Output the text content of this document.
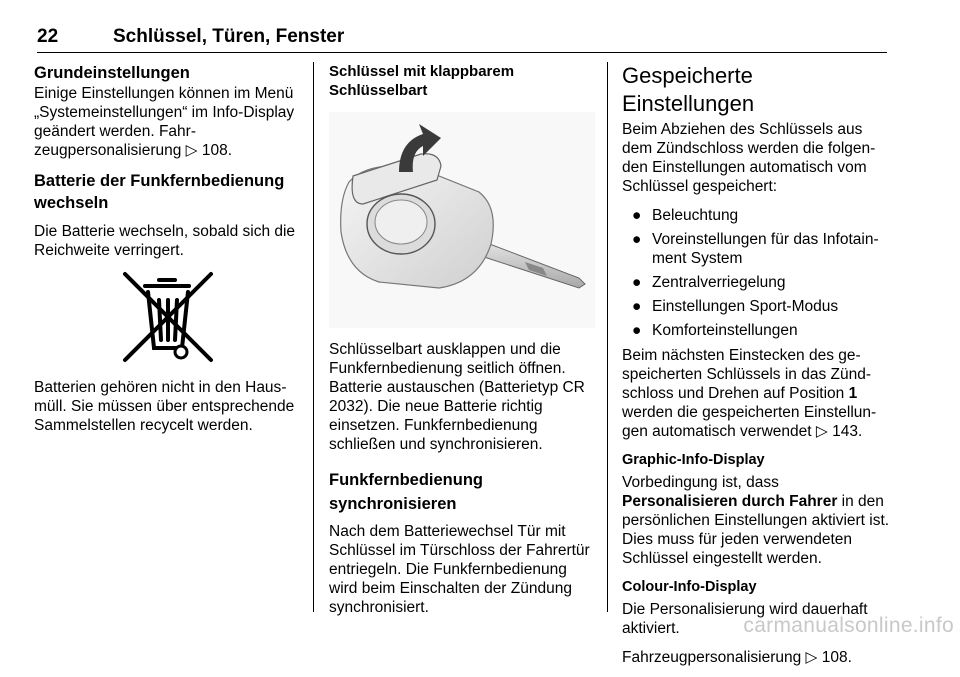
22	Schlüssel, Türen, Fenster
Grundeinstellungen

Einige Einstellungen können im Menü „Systemeinstellungen“ im Info-Display geändert werden. Fahrzeugpersonalisierung ▷ 108.

Batterie der Funkfernbedienung wechseln

Die Batterie wechseln, sobald sich die Reichweite verringert.

Batterien gehören nicht in den Hausmüll. Sie müssen über entsprechende Sammelstellen recycelt werden.

Schlüssel mit klappbarem Schlüsselbart

Schlüsselbart ausklappen und die Funkfernbedienung seitlich öffnen. Batterie austauschen (Batterietyp CR 2032). Die neue Batterie richtig einsetzen. Funkfernbedienung schließen und synchronisieren.

Funkfernbedienung synchronisieren

Nach dem Batteriewechsel Tür mit Schlüssel im Türschloss der Fahrertür entriegeln. Die Funkfernbedienung wird beim Einschalten der Zündung synchronisiert.

Gespeicherte Einstellungen

Beim Abziehen des Schlüssels aus dem Zündschloss werden die folgenden Einstellungen automatisch vom Schlüssel gespeichert:

● Beleuchtung
● Voreinstellungen für das Infotainment System
● Zentralverriegelung
● Einstellungen Sport-Modus
● Komforteinstellungen

Beim nächsten Einstecken des gespeicherten Schlüssels in das Zündschloss und Drehen auf Position 1 werden die gespeicherten Einstellungen automatisch verwendet ▷ 143.

Graphic-Info-Display

Vorbedingung ist, dass Personalisieren durch Fahrer in den persönlichen Einstellungen aktiviert ist. Dies muss für jeden verwendeten Schlüssel eingestellt werden.

Colour-Info-Display

Die Personalisierung wird dauerhaft aktiviert.

Fahrzeugpersonalisierung ▷ 108.

carmanualsonline.info
